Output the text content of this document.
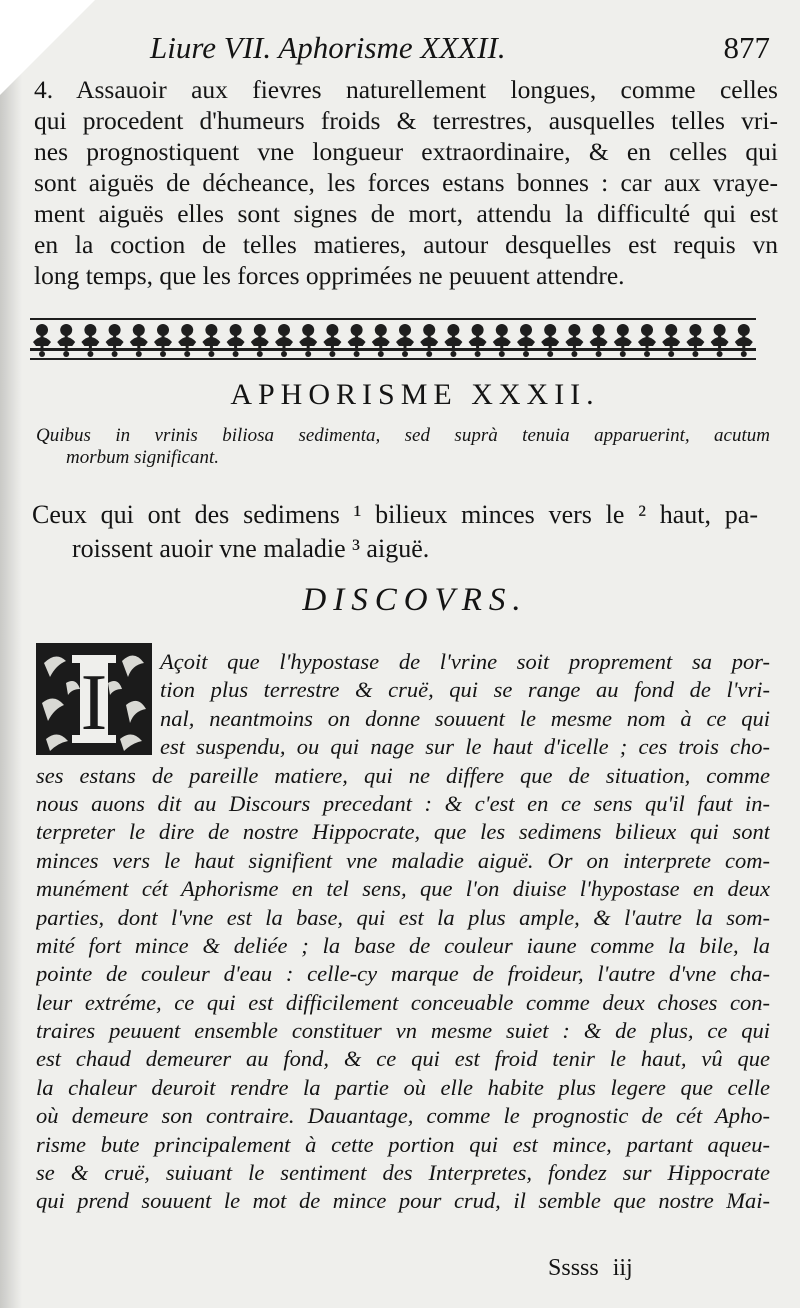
Liure VII. Aphorisme XXXII.	877
4. Assauoir aux fievres naturellement longues, comme celles
qui procedent d'humeurs froids & terrestres, ausquelles telles vri-
nes prognostiquent vne longueur extraordinaire, & en celles qui
sont aiguës de décheance, les forces estans bonnes : car aux vraye-
ment aiguës elles sont signes de mort, attendu la difficulté qui est
en la coction de telles matieres, autour desquelles est requis vn
long temps, que les forces opprimées ne peuuent attendre.
APHORISME XXXII.
Quibus in vrinis biliosa sedimenta, sed suprà tenuia apparuerint, acutum
morbum significant.
Ceux qui ont des sedimens ¹ bilieux minces vers le ² haut, pa-
roissent auoir vne maladie ³ aiguë.
DISCOVRS.
I	Açoit que l'hypostase de l'vrine soit proprement sa por-
tion plus terrestre & cruë, qui se range au fond de l'vri-
nal, neantmoins on donne souuent le mesme nom à ce qui
est suspendu, ou qui nage sur le haut d'icelle ; ces trois cho-
ses estans de pareille matiere, qui ne differe que de situation, comme
nous auons dit au Discours precedant : & c'est en ce sens qu'il faut in-
terpreter le dire de nostre Hippocrate, que les sedimens bilieux qui sont
minces vers le haut signifient vne maladie aiguë. Or on interprete com-
munément cét Aphorisme en tel sens, que l'on diuise l'hypostase en deux
parties, dont l'vne est la base, qui est la plus ample, & l'autre la som-
mité fort mince & deliée ; la base de couleur iaune comme la bile, la
pointe de couleur d'eau : celle-cy marque de froideur, l'autre d'vne cha-
leur extréme, ce qui est difficilement conceuable comme deux choses con-
traires peuuent ensemble constituer vn mesme suiet : & de plus, ce qui
est chaud demeurer au fond, & ce qui est froid tenir le haut, vû que
la chaleur deuroit rendre la partie où elle habite plus legere que celle
où demeure son contraire. Dauantage, comme le prognostic de cét Apho-
risme bute principalement à cette portion qui est mince, partant aqueu-
se & cruë, suiuant le sentiment des Interpretes, fondez sur Hippocrate
qui prend souuent le mot de mince pour crud, il semble que nostre Mai-
Sssss iij
